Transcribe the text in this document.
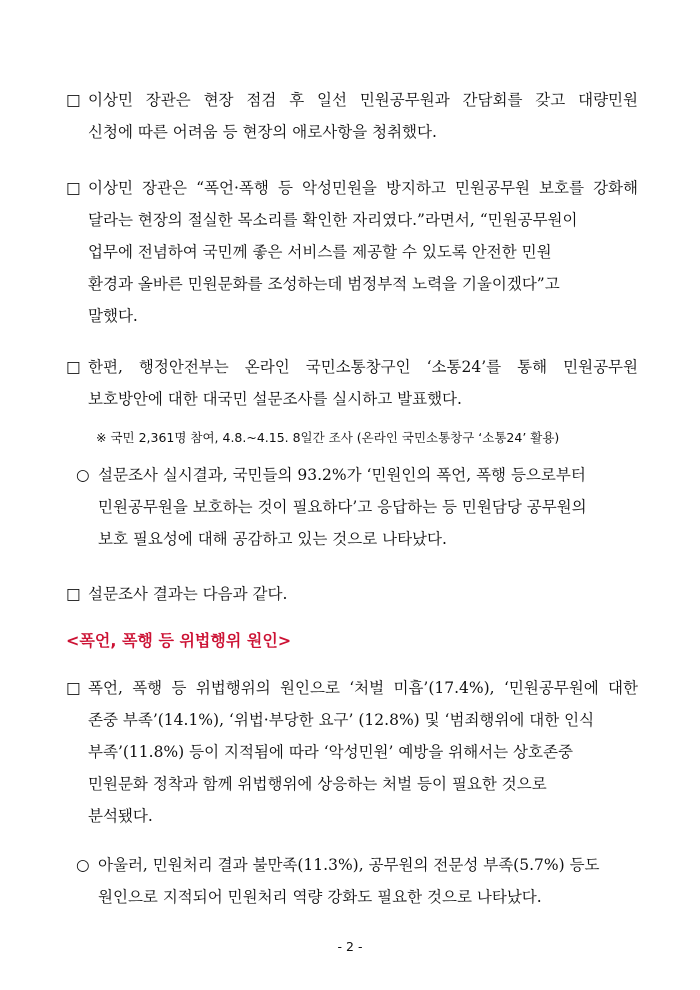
□ 이상민 장관은 현장 점검 후 일선 민원공무원과 간담회를 갖고 대량민원
신청에 따른 어려움 등 현장의 애로사항을 청취했다.
□ 이상민 장관은 “폭언·폭행 등 악성민원을 방지하고 민원공무원 보호를 강화해
달라는 현장의 절실한 목소리를 확인한 자리였다.”라면서, “민원공무원이
업무에 전념하여 국민께 좋은 서비스를 제공할 수 있도록 안전한 민원
환경과 올바른 민원문화를 조성하는데 범정부적 노력을 기울이겠다”고
말했다.
□ 한편, 행정안전부는 온라인 국민소통창구인 ‘소통24’를 통해 민원공무원
보호방안에 대한 대국민 설문조사를 실시하고 발표했다.
※ 국민 2,361명 참여, 4.8.~4.15. 8일간 조사 (온라인 국민소통창구 ‘소통24’ 활용)
○ 설문조사 실시결과, 국민들의 93.2%가 ‘민원인의 폭언, 폭행 등으로부터
민원공무원을 보호하는 것이 필요하다’고 응답하는 등 민원담당 공무원의
보호 필요성에 대해 공감하고 있는 것으로 나타났다.
□ 설문조사 결과는 다음과 같다.
<폭언, 폭행 등 위법행위 원인>
□ 폭언, 폭행 등 위법행위의 원인으로 ‘처벌 미흡’(17.4%), ‘민원공무원에 대한
존중 부족’(14.1%), ‘위법·부당한 요구’ (12.8%) 및 ‘범죄행위에 대한 인식
부족’(11.8%) 등이 지적됨에 따라 ‘악성민원’ 예방을 위해서는 상호존중
민원문화 정착과 함께 위법행위에 상응하는 처벌 등이 필요한 것으로
분석됐다.
○ 아울러, 민원처리 결과 불만족(11.3%), 공무원의 전문성 부족(5.7%) 등도
원인으로 지적되어 민원처리 역량 강화도 필요한 것으로 나타났다.
- 2 -
